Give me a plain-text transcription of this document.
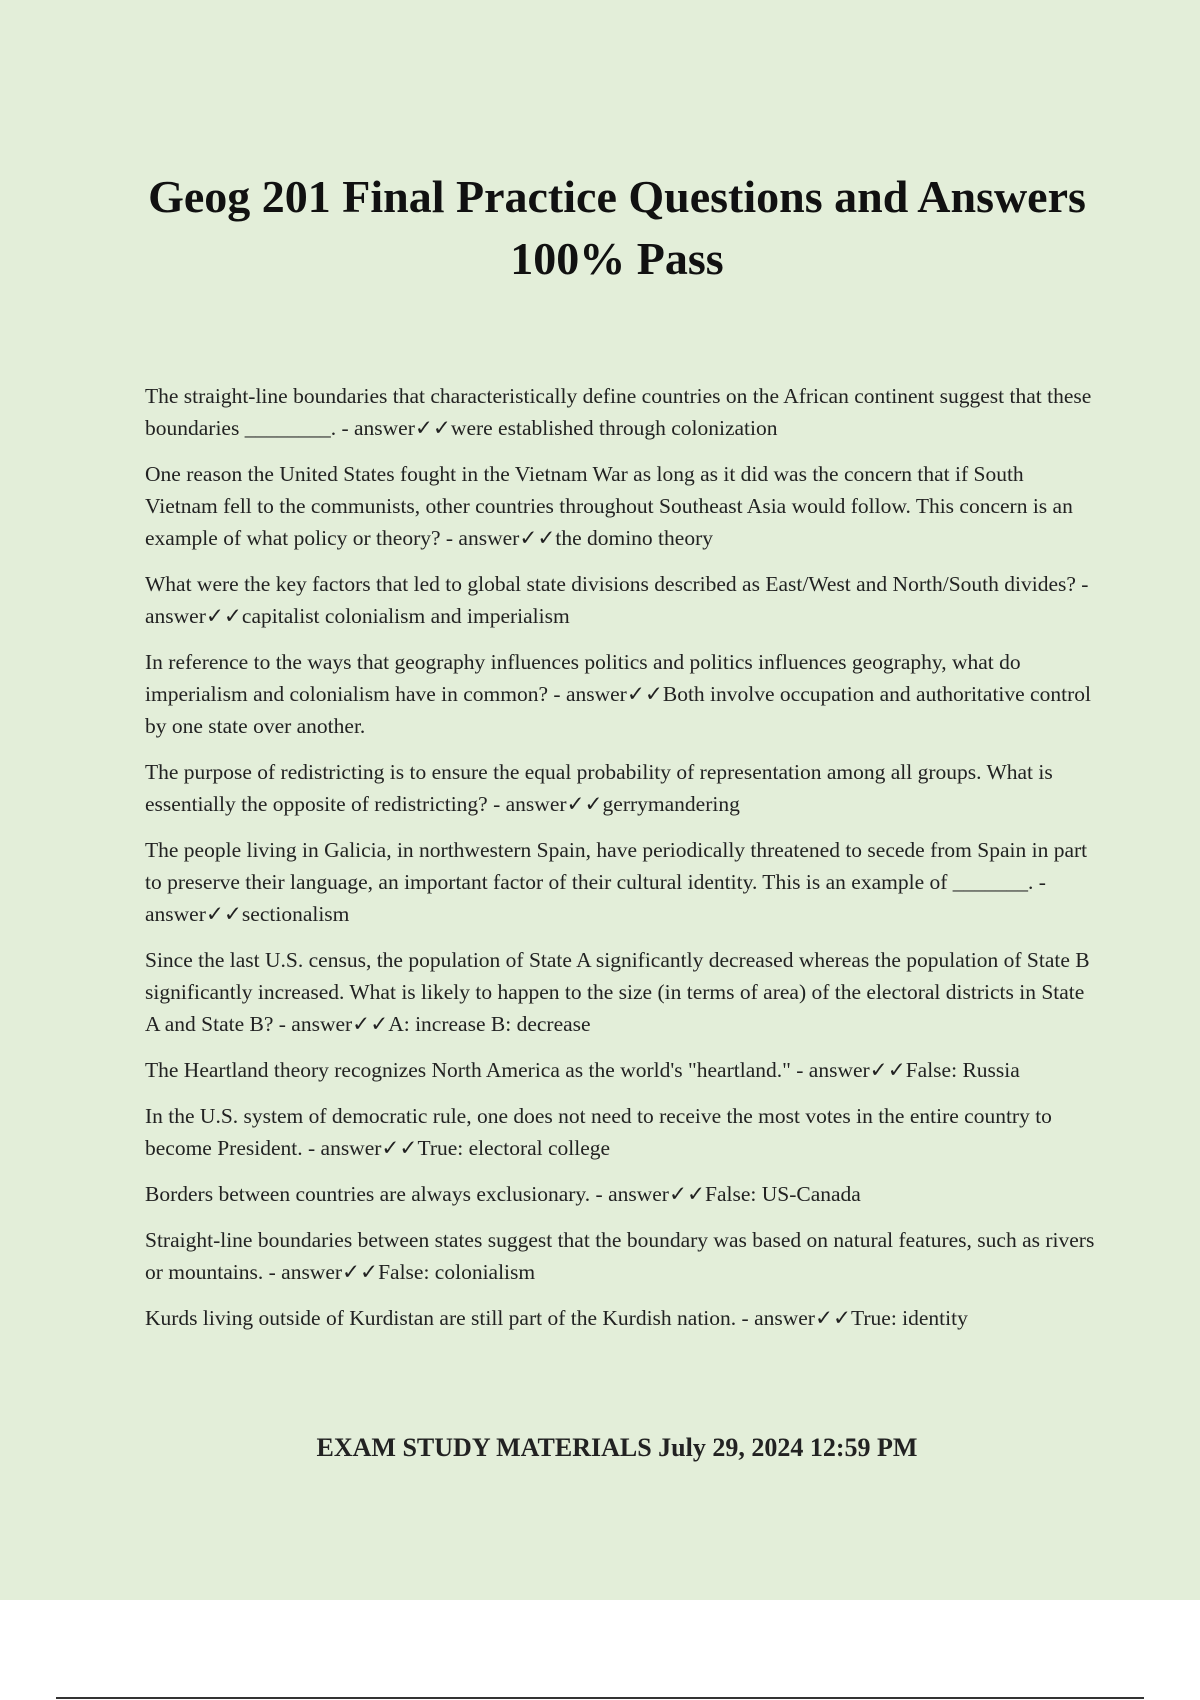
Geog 201 Final Practice Questions and Answers 100% Pass

The straight-line boundaries that characteristically define countries on the African continent suggest that these boundaries ________. - answer✓✓were established through colonization

One reason the United States fought in the Vietnam War as long as it did was the concern that if South Vietnam fell to the communists, other countries throughout Southeast Asia would follow. This concern is an example of what policy or theory? - answer✓✓the domino theory

What were the key factors that led to global state divisions described as East/West and North/South divides? - answer✓✓capitalist colonialism and imperialism

In reference to the ways that geography influences politics and politics influences geography, what do imperialism and colonialism have in common? - answer✓✓Both involve occupation and authoritative control by one state over another.

The purpose of redistricting is to ensure the equal probability of representation among all groups. What is essentially the opposite of redistricting? - answer✓✓gerrymandering

The people living in Galicia, in northwestern Spain, have periodically threatened to secede from Spain in part to preserve their language, an important factor of their cultural identity. This is an example of _______. - answer✓✓sectionalism

Since the last U.S. census, the population of State A significantly decreased whereas the population of State B significantly increased. What is likely to happen to the size (in terms of area) of the electoral districts in State A and State B? - answer✓✓A: increase B: decrease

The Heartland theory recognizes North America as the world's "heartland." - answer✓✓False: Russia

In the U.S. system of democratic rule, one does not need to receive the most votes in the entire country to become President. - answer✓✓True: electoral college

Borders between countries are always exclusionary. - answer✓✓False: US-Canada

Straight-line boundaries between states suggest that the boundary was based on natural features, such as rivers or mountains. - answer✓✓False: colonialism

Kurds living outside of Kurdistan are still part of the Kurdish nation. - answer✓✓True: identity

EXAM STUDY MATERIALS July 29, 2024 12:59 PM
